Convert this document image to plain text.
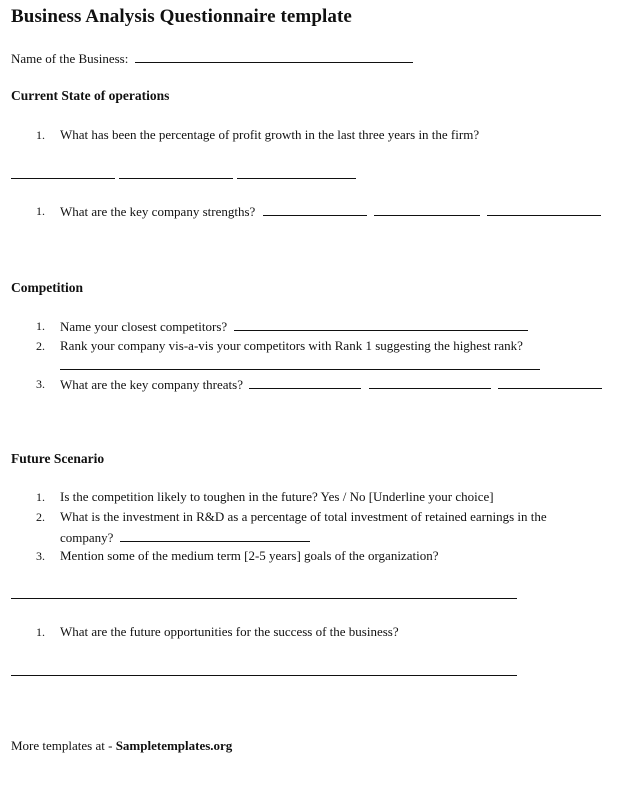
Business Analysis Questionnaire template
Name of the Business:
Current State of operations
1. What has been the percentage of profit growth in the last three years in the firm?
1. What are the key company strengths?
Competition
1. Name your closest competitors?
2. Rank your company vis-a-vis your competitors with Rank 1 suggesting the highest rank?
3. What are the key company threats?
Future Scenario
1. Is the competition likely to toughen in the future? Yes / No [Underline your choice]
2. What is the investment in R&D as a percentage of total investment of retained earnings in the
company?
3. Mention some of the medium term [2-5 years] goals of the organization?
1. What are the future opportunities for the success of the business?
More templates at - Sampletemplates.org
